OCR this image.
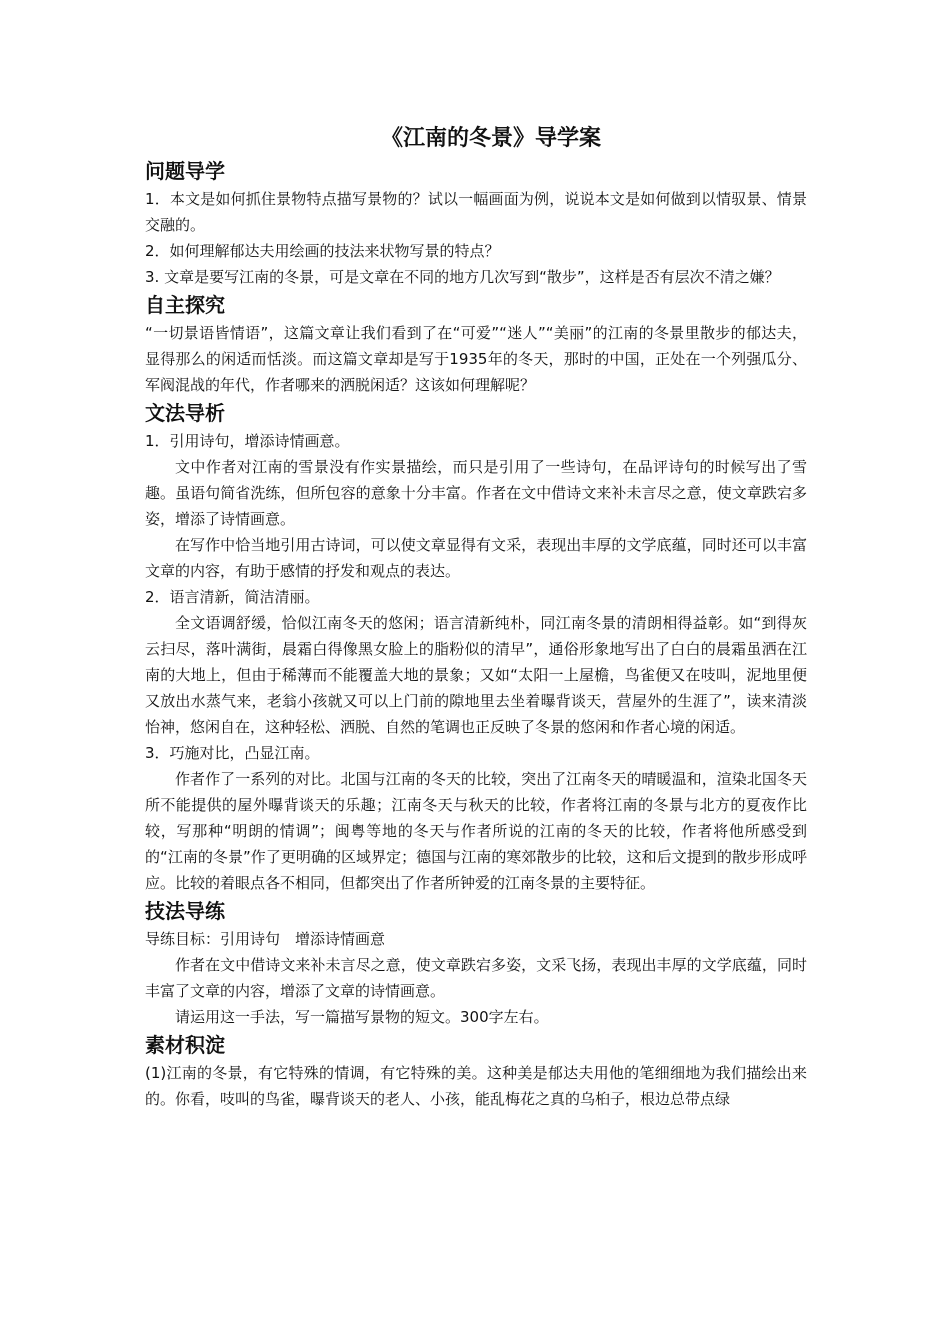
《江南的冬景》导学案
问题导学

1．本文是如何抓住景物特点描写景物的？试以一幅画面为例，说说本文是如何做到以情驭景、情景交融的。

2．如何理解郁达夫用绘画的技法来状物写景的特点？

3. 文章是要写江南的冬景，可是文章在不同的地方几次写到“散步”，这样是否有层次不清之嫌？

自主探究

“一切景语皆情语”，这篇文章让我们看到了在“可爱”“迷人”“美丽”的江南的冬景里散步的郁达夫，显得那么的闲适而恬淡。而这篇文章却是写于1935年的冬天，那时的中国，正处在一个列强瓜分、军阀混战的年代，作者哪来的洒脱闲适？这该如何理解呢？

文法导析

1．引用诗句，增添诗情画意。

文中作者对江南的雪景没有作实景描绘，而只是引用了一些诗句，在品评诗句的时候写出了雪趣。虽语句简省洗练，但所包容的意象十分丰富。作者在文中借诗文来补未言尽之意，使文章跌宕多姿，增添了诗情画意。

在写作中恰当地引用古诗词，可以使文章显得有文采，表现出丰厚的文学底蕴，同时还可以丰富文章的内容，有助于感情的抒发和观点的表达。

2．语言清新，简洁清丽。

全文语调舒缓，恰似江南冬天的悠闲；语言清新纯朴，同江南冬景的清朗相得益彰。如“到得灰云扫尽，落叶满街，晨霜白得像黑女脸上的脂粉似的清早”，通俗形象地写出了白白的晨霜虽洒在江南的大地上，但由于稀薄而不能覆盖大地的景象；又如“太阳一上屋檐，鸟雀便又在吱叫，泥地里便又放出水蒸气来，老翁小孩就又可以上门前的隙地里去坐着曝背谈天，营屋外的生涯了”，读来清淡怡神，悠闲自在，这种轻松、洒脱、自然的笔调也正反映了冬景的悠闲和作者心境的闲适。

3．巧施对比，凸显江南。

作者作了一系列的对比。北国与江南的冬天的比较，突出了江南冬天的晴暖温和，渲染北国冬天所不能提供的屋外曝背谈天的乐趣；江南冬天与秋天的比较，作者将江南的冬景与北方的夏夜作比较，写那种“明朗的情调”；闽粤等地的冬天与作者所说的江南的冬天的比较，作者将他所感受到的“江南的冬景”作了更明确的区域界定；德国与江南的寒郊散步的比较，这和后文提到的散步形成呼应。比较的着眼点各不相同，但都突出了作者所钟爱的江南冬景的主要特征。

技法导练

导练目标：引用诗句　增添诗情画意

作者在文中借诗文来补未言尽之意，使文章跌宕多姿，文采飞扬，表现出丰厚的文学底蕴，同时丰富了文章的内容，增添了文章的诗情画意。

请运用这一手法，写一篇描写景物的短文。300字左右。

素材积淀

(1)江南的冬景，有它特殊的情调，有它特殊的美。这种美是郁达夫用他的笔细细地为我们描绘出来的。你看，吱叫的鸟雀，曝背谈天的老人、小孩，能乱梅花之真的乌桕子，根边总带点绿
